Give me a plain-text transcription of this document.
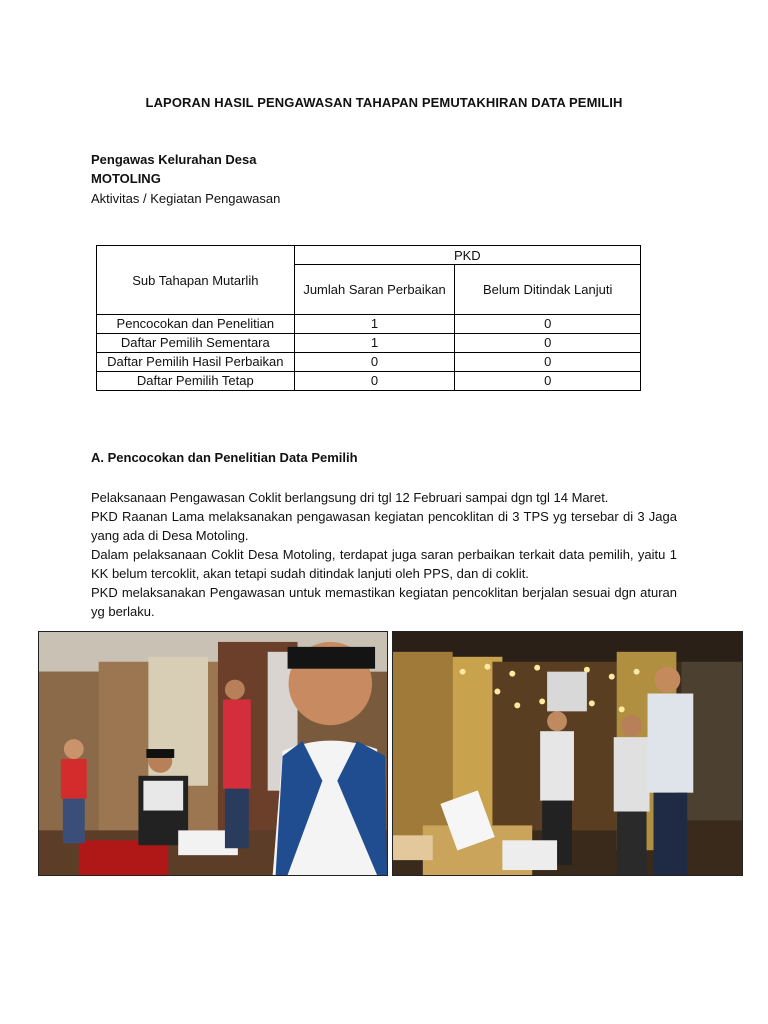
LAPORAN HASIL PENGAWASAN TAHAPAN PEMUTAKHIRAN DATA PEMILIH
Pengawas Kelurahan Desa
MOTOLING
Aktivitas / Kegiatan Pengawasan
Sub Tahapan Mutarlih	PKD	
	Jumlah Saran Perbaikan	Belum Ditindak Lanjuti
Pencocokan dan Penelitian	1	0
Daftar Pemilih Sementara	1	0
Daftar Pemilih Hasil Perbaikan	0	0
Daftar Pemilih Tetap	0	0
A. Pencocokan dan Penelitian Data Pemilih
Pelaksanaan Pengawasan Coklit berlangsung dri tgl 12 Februari sampai dgn tgl 14 Maret.
PKD Raanan Lama melaksanakan pengawasan kegiatan pencoklitan di 3 TPS yg tersebar di 3 Jaga yang ada di Desa Motoling.
Dalam pelaksanaan Coklit Desa Motoling, terdapat juga saran perbaikan terkait data pemilih, yaitu 1 KK belum tercoklit, akan tetapi sudah ditindak lanjuti oleh PPS, dan di coklit.
PKD melaksanakan Pengawasan untuk memastikan kegiatan pencoklitan berjalan sesuai dgn aturan yg berlaku.
